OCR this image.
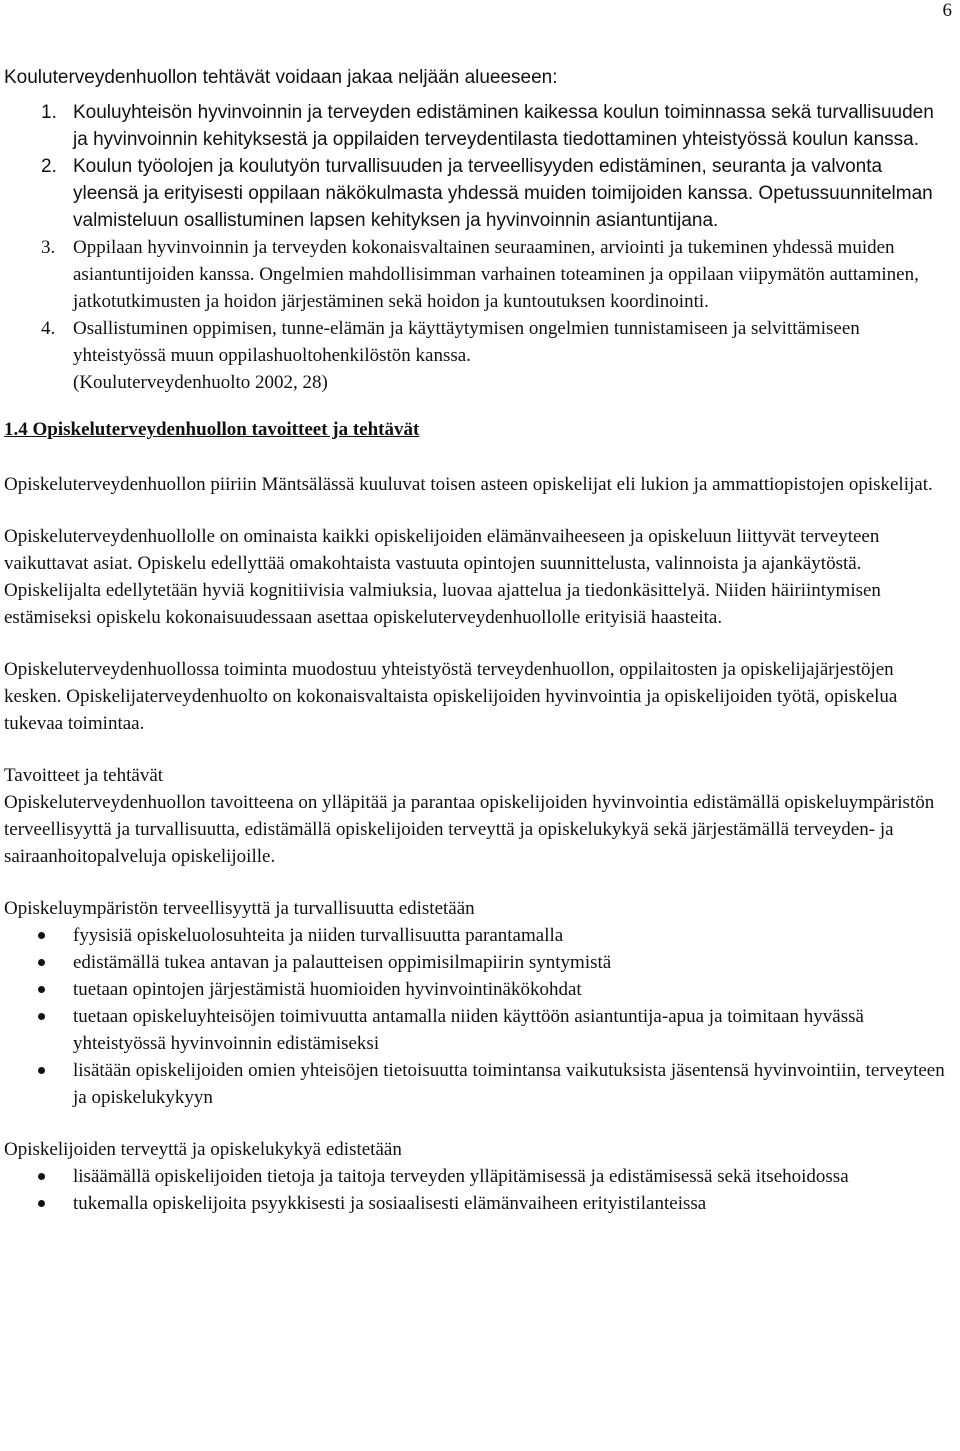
6

Kouluterveydenhuollon tehtävät voidaan jakaa neljään alueeseen:

1. Kouluyhteisön hyvinvoinnin ja terveyden edistäminen kaikessa koulun toiminnassa sekä turvallisuuden ja hyvinvoinnin kehityksestä ja oppilaiden terveydentilasta tiedottaminen yhteistyössä koulun kanssa.
2. Koulun työolojen ja koulutyön turvallisuuden ja terveellisyyden edistäminen, seuranta ja valvonta yleensä ja erityisesti oppilaan näkökulmasta yhdessä muiden toimijoiden kanssa. Opetussuunnitelman valmisteluun osallistuminen lapsen kehityksen ja hyvinvoinnin asiantuntijana.
3. Oppilaan hyvinvoinnin ja terveyden kokonaisvaltainen seuraaminen, arviointi ja tukeminen yhdessä muiden asiantuntijoiden kanssa. Ongelmien mahdollisimman varhainen toteaminen ja oppilaan viipymätön auttaminen, jatkotutkimusten ja hoidon järjestäminen sekä hoidon ja kuntoutuksen koordinointi.
4. Osallistuminen oppimisen, tunne-elämän ja käyttäytymisen ongelmien tunnistamiseen ja selvittämiseen yhteistyössä muun oppilashuoltohenkilöstön kanssa.
(Kouluterveydenhuolto 2002, 28)
1.4 Opiskeluterveydenhuollon tavoitteet ja tehtävät

Opiskeluterveydenhuollon piiriin Mäntsälässä kuuluvat toisen asteen opiskelijat eli lukion ja ammattiopistojen opiskelijat.

Opiskeluterveydenhuollolle on ominaista kaikki opiskelijoiden elämänvaiheeseen ja opiskeluun liittyvät terveyteen vaikuttavat asiat. Opiskelu edellyttää omakohtaista vastuuta opintojen suunnittelusta, valinnoista ja ajankäytöstä. Opiskelijalta edellytetään hyviä kognitiivisia valmiuksia, luovaa ajattelua ja tiedonkäsittelyä. Niiden häiriintymisen estämiseksi opiskelu kokonaisuudessaan asettaa opiskeluterveydenhuollolle erityisiä haasteita.

Opiskeluterveydenhuollossa toiminta muodostuu yhteistyöstä terveydenhuollon, oppilaitosten ja opiskelijajärjestöjen kesken. Opiskelijaterveydenhuolto on kokonaisvaltaista opiskelijoiden hyvinvointia ja opiskelijoiden työtä, opiskelua tukevaa toimintaa.

Tavoitteet ja tehtävät

Opiskeluterveydenhuollon tavoitteena on ylläpitää ja parantaa opiskelijoiden hyvinvointia edistämällä opiskeluympäristön terveellisyyttä ja turvallisuutta, edistämällä opiskelijoiden terveyttä ja opiskelukykyä sekä järjestämällä terveyden- ja sairaanhoitopalveluja opiskelijoille.

Opiskeluympäristön terveellisyyttä ja turvallisuutta edistetään

fyysisiä opiskeluolosuhteita ja niiden turvallisuutta parantamalla
edistämällä tukea antavan ja palautteisen oppimisilmapiirin syntymistä
tuetaan opintojen järjestämistä huomioiden hyvinvointinäkökohdat
tuetaan opiskeluyhteisöjen toimivuutta antamalla niiden käyttöön asiantuntija-apua ja toimitaan hyvässä yhteistyössä hyvinvoinnin edistämiseksi
lisätään opiskelijoiden omien yhteisöjen tietoisuutta toimintansa vaikutuksista jäsentensä hyvinvointiin, terveyteen ja opiskelukykyyn

Opiskelijoiden terveyttä ja opiskelukykyä edistetään

lisäämällä opiskelijoiden tietoja ja taitoja terveyden ylläpitämisessä ja edistämisessä sekä itsehoidossa
tukemalla opiskelijoita psyykkisesti ja sosiaalisesti elämänvaiheen erityistilanteissa
